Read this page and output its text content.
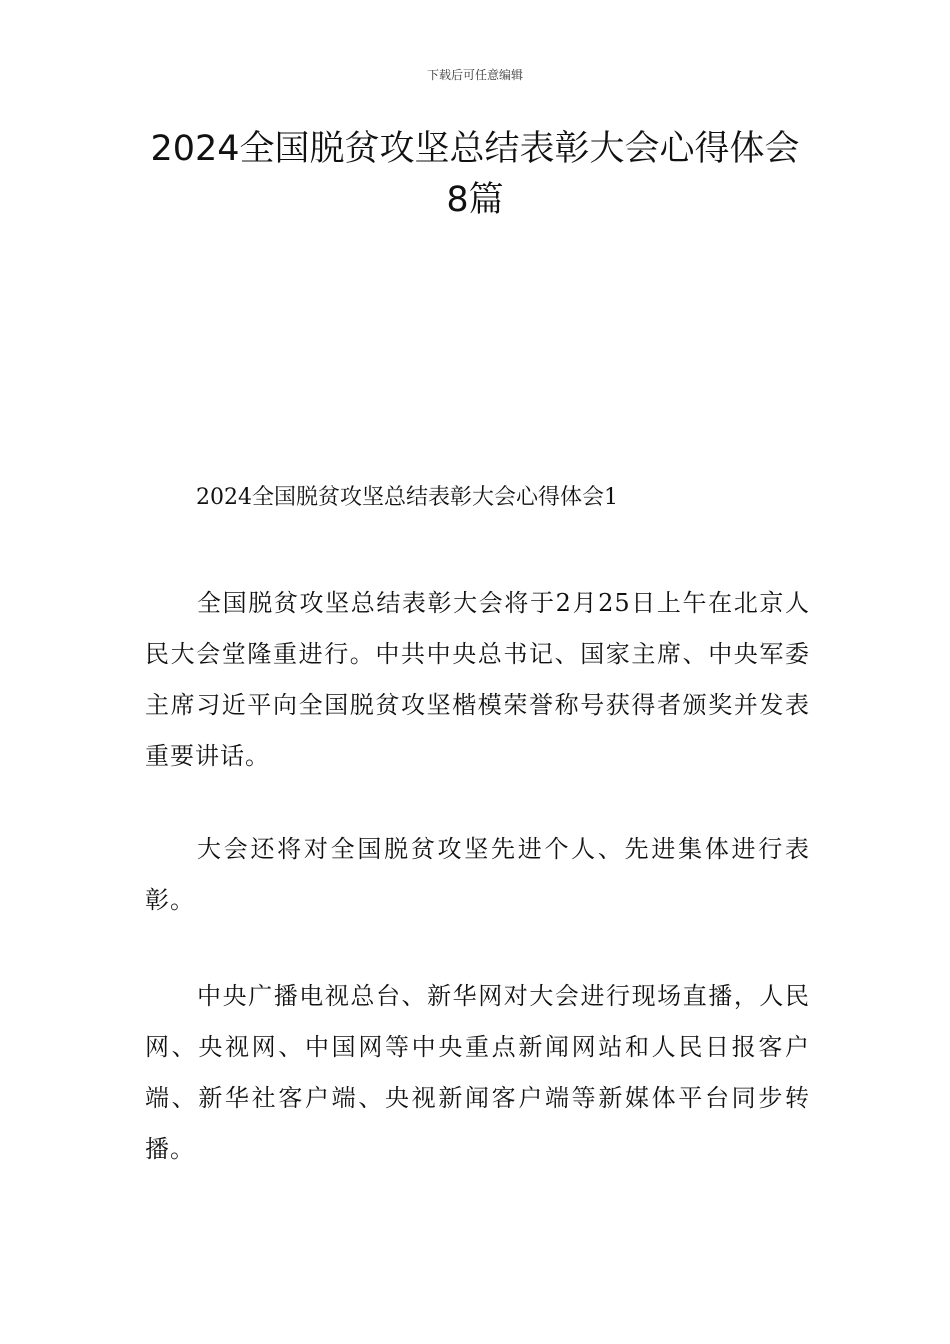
下载后可任意编辑
2024全国脱贫攻坚总结表彰大会心得体会
8篇
2024全国脱贫攻坚总结表彰大会心得体会1

全国脱贫攻坚总结表彰大会将于2月25日上午在北京人民大会堂隆重进行。中共中央总书记、国家主席、中央军委主席习近平向全国脱贫攻坚楷模荣誉称号获得者颁奖并发表重要讲话。

大会还将对全国脱贫攻坚先进个人、先进集体进行表彰。

中央广播电视总台、新华网对大会进行现场直播，人民网、央视网、中国网等中央重点新闻网站和人民日报客户端、新华社客户端、央视新闻客户端等新媒体平台同步转播。
